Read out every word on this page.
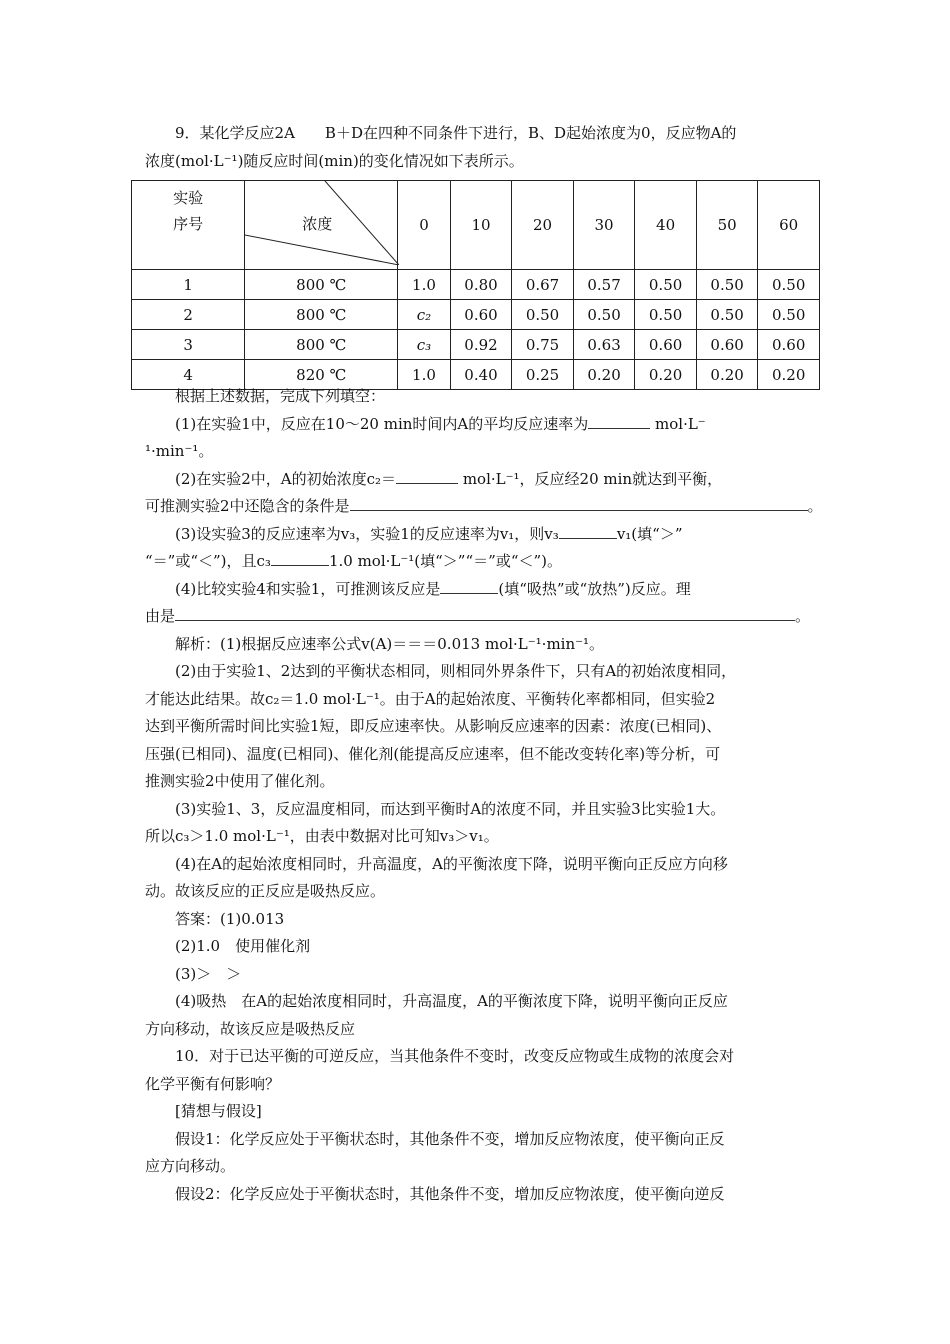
9．某化学反应2A B＋D在四种不同条件下进行，B、D起始浓度为0，反应物A的

浓度(mol·L⁻¹)随反应时间(min)的变化情况如下表所示。

实验
序号	浓度	0	10	20	30	40	50	60
1	800 ℃	1.0	0.80	0.67	0.57	0.50	0.50	0.50
2	800 ℃	c₂	0.60	0.50	0.50	0.50	0.50	0.50
3	800 ℃	c₃	0.92	0.75	0.63	0.60	0.60	0.60
4	820 ℃	1.0	0.40	0.25	0.20	0.20	0.20	0.20

根据上述数据，完成下列填空：

(1)在实验1中，反应在10～20 min时间内A的平均反应速率为	mol·L⁻

¹·min⁻¹。

(2)在实验2中，A的初始浓度c₂＝	mol·L⁻¹，反应经20 min就达到平衡，

可推测实验2中还隐含的条件是	。

(3)设实验3的反应速率为v₃，实验1的反应速率为v₁，则v₃	v₁(填“＞”

“＝”或“＜”)，且c₃	1.0 mol·L⁻¹(填“＞”“＝”或“＜”)。

(4)比较实验4和实验1，可推测该反应是	(填“吸热”或“放热”)反应。理

由是	。

解析：(1)根据反应速率公式v(A)＝＝＝0.013 mol·L⁻¹·min⁻¹。

(2)由于实验1、2达到的平衡状态相同，则相同外界条件下，只有A的初始浓度相同，

才能达此结果。故c₂＝1.0 mol·L⁻¹。由于A的起始浓度、平衡转化率都相同，但实验2

达到平衡所需时间比实验1短，即反应速率快。从影响反应速率的因素：浓度(已相同)、

压强(已相同)、温度(已相同)、催化剂(能提高反应速率，但不能改变转化率)等分析，可

推测实验2中使用了催化剂。

(3)实验1、3，反应温度相同，而达到平衡时A的浓度不同，并且实验3比实验1大。

所以c₃＞1.0 mol·L⁻¹，由表中数据对比可知v₃＞v₁。

(4)在A的起始浓度相同时，升高温度，A的平衡浓度下降，说明平衡向正反应方向移

动。故该反应的正反应是吸热反应。

答案：(1)0.013

(2)1.0　使用催化剂

(3)＞　＞

(4)吸热　在A的起始浓度相同时，升高温度，A的平衡浓度下降，说明平衡向正反应

方向移动，故该反应是吸热反应

10．对于已达平衡的可逆反应，当其他条件不变时，改变反应物或生成物的浓度会对

化学平衡有何影响？

[猜想与假设]

假设1：化学反应处于平衡状态时，其他条件不变，增加反应物浓度，使平衡向正反

应方向移动。

假设2：化学反应处于平衡状态时，其他条件不变，增加反应物浓度，使平衡向逆反
